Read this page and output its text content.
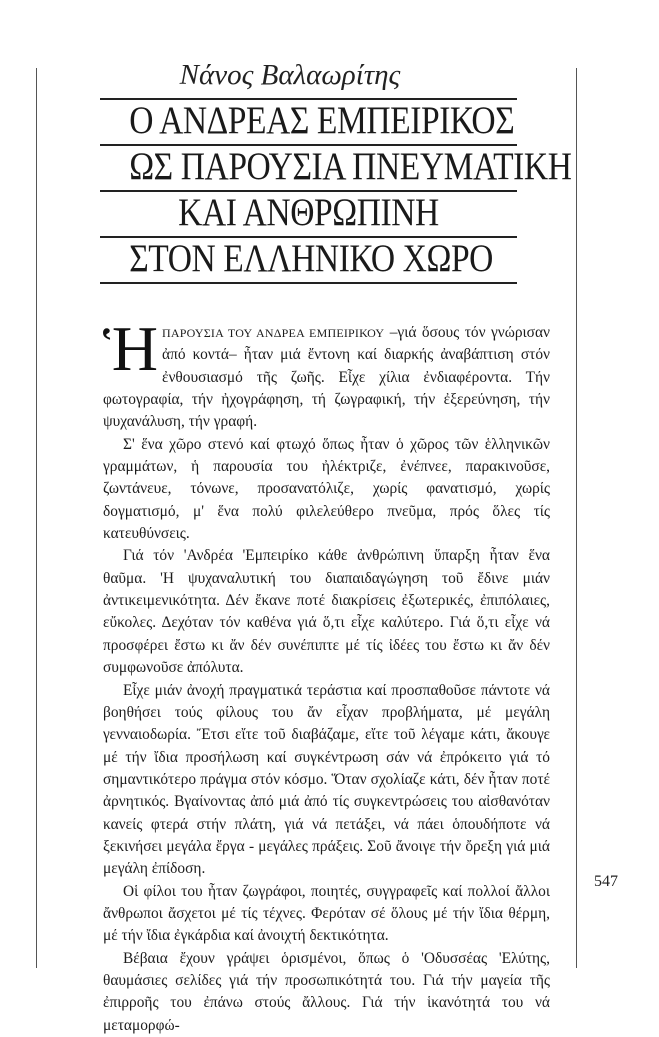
Νάνος Βαλαωρίτης
Ο ΑΝΔΡΕΑΣ ΕΜΠΕΙΡΙΚΟΣ
ΩΣ ΠΑΡΟΥΣΙΑ ΠΝΕΥΜΑΤΙΚΗ
ΚΑΙ ΑΝΘΡΩΠΙΝΗ
ΣΤΟΝ ΕΛΛΗΝΙΚΟ ΧΩΡΟ

ἩΠΑΡΟΥΣΙΑ ΤΟΥ ΑΝΔΡΕΑ ΕΜΠΕΙΡΙΚΟΥ –γιά ὅσους τόν γνώρισαν ἀπό κοντά– ἦταν μιά ἔντονη καί διαρκής ἀναβάπτιση στόν ἐνθουσιασμό τῆς ζωῆς. Εἶχε χίλια ἐνδιαφέροντα. Τήν φωτογραφία, τήν ἠχογράφηση, τή ζωγραφική, τήν ἐξερεύνηση, τήν ψυχανάλυση, τήν γραφή.

Σ' ἕνα χῶρο στενό καί φτωχό ὅπως ἦταν ὁ χῶρος τῶν ἑλληνικῶν γραμμάτων, ἡ παρουσία του ἠλέκτριζε, ἐνέπνεε, παρακινοῦσε, ζωντάνευε, τόνωνε, προσανατόλιζε, χωρίς φανατισμό, χωρίς δογματισμό, μ' ἕνα πολύ φιλελεύθερο πνεῦμα, πρός ὅλες τίς κατευθύνσεις.

Γιά τόν 'Ανδρέα 'Εμπειρίκο κάθε ἀνθρώπινη ὕπαρξη ἦταν ἕνα θαῦμα. 'Η ψυχαναλυτική του διαπαιδαγώγηση τοῦ ἔδινε μιάν ἀντικειμενικότητα. Δέν ἔκανε ποτέ διακρίσεις ἐξωτερικές, ἐπιπόλαιες, εὔκολες. Δεχόταν τόν καθένα γιά ὅ,τι εἶχε καλύτερο. Γιά ὅ,τι εἶχε νά προσφέρει ἔστω κι ἄν δέν συνέπιπτε μέ τίς ἰδέες του ἔστω κι ἄν δέν συμφωνοῦσε ἀπόλυτα.

Εἶχε μιάν ἀνοχή πραγματικά τεράστια καί προσπαθοῦσε πάντοτε νά βοηθήσει τούς φίλους του ἄν εἶχαν προβλήματα, μέ μεγάλη γενναιοδωρία. Ἔτσι εἴτε τοῦ διαβάζαμε, εἴτε τοῦ λέγαμε κάτι, ἄκουγε μέ τήν ἴδια προσήλωση καί συγκέντρωση σάν νά ἐπρόκειτο γιά τό σημαντικότερο πράγμα στόν κόσμο. Ὅταν σχολίαζε κάτι, δέν ἦταν ποτέ ἀρνητικός. Βγαίνοντας ἀπό μιά ἀπό τίς συγκεντρώσεις του αἰσθανόταν κανείς φτερά στήν πλάτη, γιά νά πετάξει, νά πάει ὁπουδήποτε νά ξεκινήσει μεγάλα ἔργα - μεγάλες πράξεις. Σοῦ ἄνοιγε τήν ὄρεξη γιά μιά μεγάλη ἐπίδοση.

Οἱ φίλοι του ἦταν ζωγράφοι, ποιητές, συγγραφεῖς καί πολλοί ἄλλοι ἄνθρωποι ἄσχετοι μέ τίς τέχνες. Φερόταν σέ ὅλους μέ τήν ἴδια θέρμη, μέ τήν ἴδια ἐγκάρδια καί ἀνοιχτή δεκτικότητα.

Βέβαια ἔχουν γράψει ὁρισμένοι, ὅπως ὁ 'Οδυσσέας 'Ελύτης, θαυμάσιες σελίδες γιά τήν προσωπικότητά του. Γιά τήν μαγεία τῆς ἐπιρροῆς του ἐπάνω στούς ἄλλους. Γιά τήν ἱκανότητά του νά μεταμορφώ-

547
